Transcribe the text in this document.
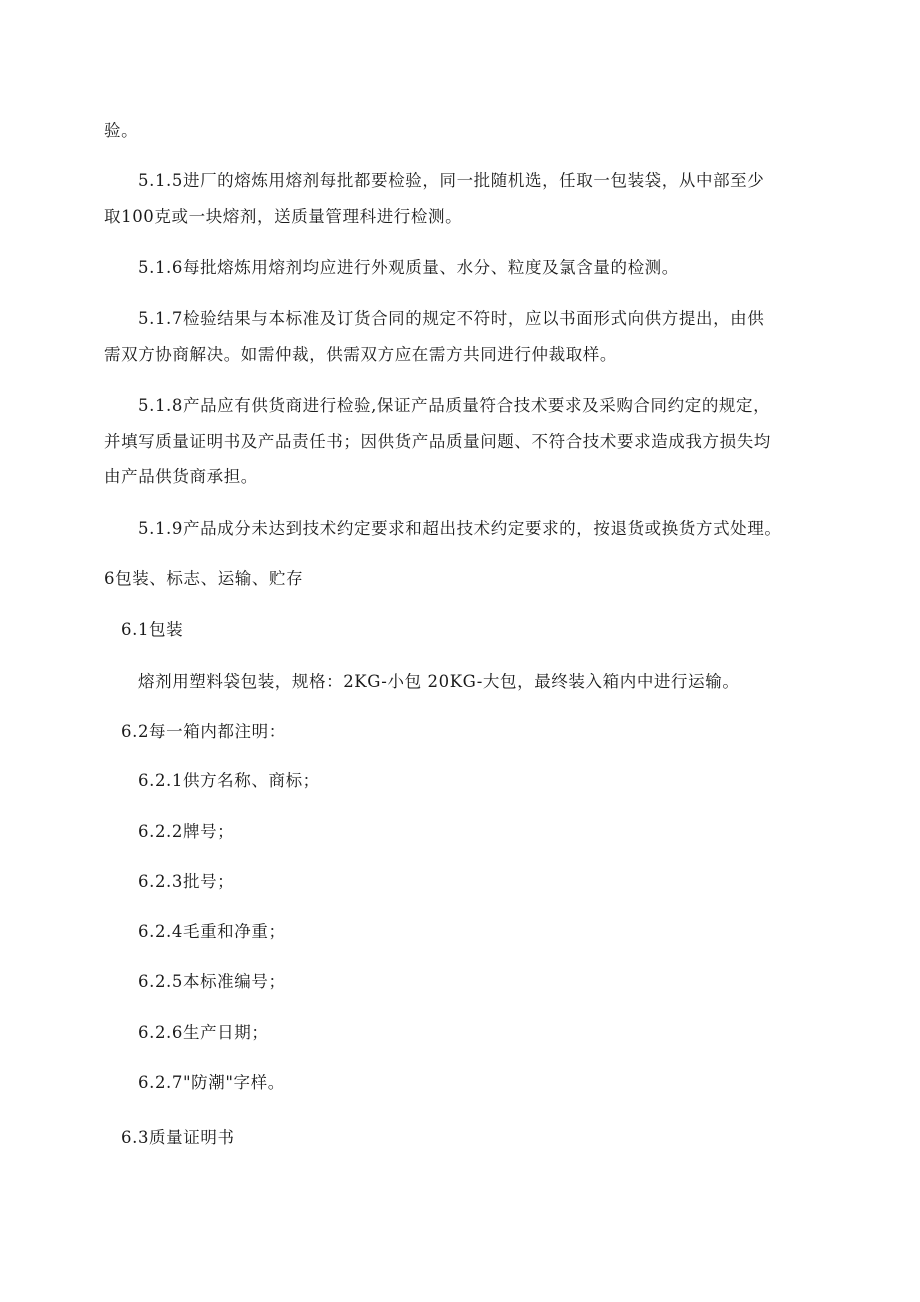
验。
5.1.5进厂的熔炼用熔剂每批都要检验，同一批随机选，任取一包装袋，从中部至少
取100克或一块熔剂，送质量管理科进行检测。
5.1.6每批熔炼用熔剂均应进行外观质量、水分、粒度及氯含量的检测。
5.1.7检验结果与本标准及订货合同的规定不符时，应以书面形式向供方提出，由供
需双方协商解决。如需仲裁，供需双方应在需方共同进行仲裁取样。
5.1.8产品应有供货商进行检验,保证产品质量符合技术要求及采购合同约定的规定，
并填写质量证明书及产品责任书；因供货产品质量问题、不符合技术要求造成我方损失均
由产品供货商承担。
5.1.9产品成分未达到技术约定要求和超出技术约定要求的，按退货或换货方式处理。
6包装、标志、运输、贮存
6.1包装
熔剂用塑料袋包装，规格：2KG-小包 20KG-大包，最终装入箱内中进行运输。
6.2每一箱内都注明：
6.2.1供方名称、商标；
6.2.2牌号；
6.2.3批号；
6.2.4毛重和净重；
6.2.5本标准编号；
6.2.6生产日期；
6.2.7"防潮"字样。
6.3质量证明书
